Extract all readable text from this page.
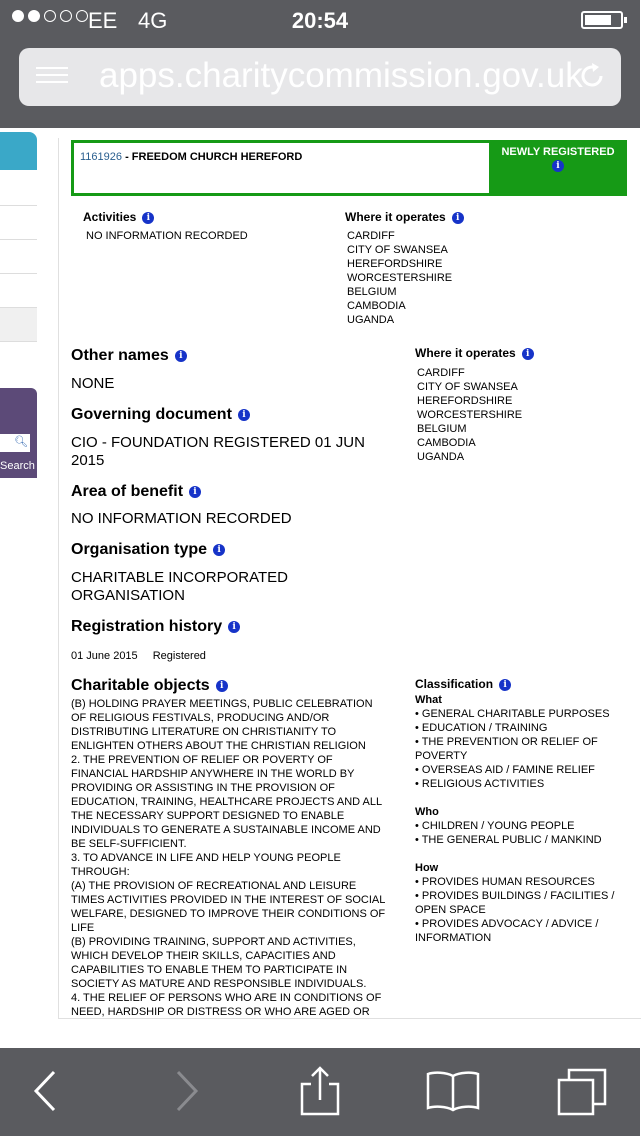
EE 4G	20:54
apps.charitycommission.gov.uk
🔍︎
Search
1161926 - FREEDOM CHURCH HEREFORD	NEWLY REGISTERED
i
Activities i
NO INFORMATION RECORDED
Where it operates i
CARDIFF
CITY OF SWANSEA
HEREFORDSHIRE
WORCESTERSHIRE
BELGIUM
CAMBODIA
UGANDA
Other names i
NONE
Governing document i
CIO - FOUNDATION REGISTERED 01 JUN 2015
Area of benefit i
NO INFORMATION RECORDED
Organisation type i
CHARITABLE INCORPORATED ORGANISATION
Registration history i
01 June 2015 Registered
Where it operates i
CARDIFF
CITY OF SWANSEA
HEREFORDSHIRE
WORCESTERSHIRE
BELGIUM
CAMBODIA
UGANDA
Charitable objects i
(B) HOLDING PRAYER MEETINGS, PUBLIC CELEBRATION
OF RELIGIOUS FESTIVALS, PRODUCING AND/OR
DISTRIBUTING LITERATURE ON CHRISTIANITY TO
ENLIGHTEN OTHERS ABOUT THE CHRISTIAN RELIGION
2. THE PREVENTION OF RELIEF OR POVERTY OF
FINANCIAL HARDSHIP ANYWHERE IN THE WORLD BY
PROVIDING OR ASSISTING IN THE PROVISION OF
EDUCATION, TRAINING, HEALTHCARE PROJECTS AND ALL
THE NECESSARY SUPPORT DESIGNED TO ENABLE
INDIVIDUALS TO GENERATE A SUSTAINABLE INCOME AND
BE SELF-SUFFICIENT.
3. TO ADVANCE IN LIFE AND HELP YOUNG PEOPLE
THROUGH:
(A) THE PROVISION OF RECREATIONAL AND LEISURE
TIMES ACTIVITIES PROVIDED IN THE INTEREST OF SOCIAL
WELFARE, DESIGNED TO IMPROVE THEIR CONDITIONS OF
LIFE
(B) PROVIDING TRAINING, SUPPORT AND ACTIVITIES,
WHICH DEVELOP THEIR SKILLS, CAPACITIES AND
CAPABILITIES TO ENABLE THEM TO PARTICIPATE IN
SOCIETY AS MATURE AND RESPONSIBLE INDIVIDUALS.
4. THE RELIEF OF PERSONS WHO ARE IN CONDITIONS OF
NEED, HARDSHIP OR DISTRESS OR WHO ARE AGED OR
Classification i
What
• GENERAL CHARITABLE PURPOSES
• EDUCATION / TRAINING
• THE PREVENTION OR RELIEF OF POVERTY
• OVERSEAS AID / FAMINE RELIEF
• RELIGIOUS ACTIVITIES
Who
• CHILDREN / YOUNG PEOPLE
• THE GENERAL PUBLIC / MANKIND
How
• PROVIDES HUMAN RESOURCES
• PROVIDES BUILDINGS / FACILITIES / OPEN SPACE
• PROVIDES ADVOCACY / ADVICE / INFORMATION
